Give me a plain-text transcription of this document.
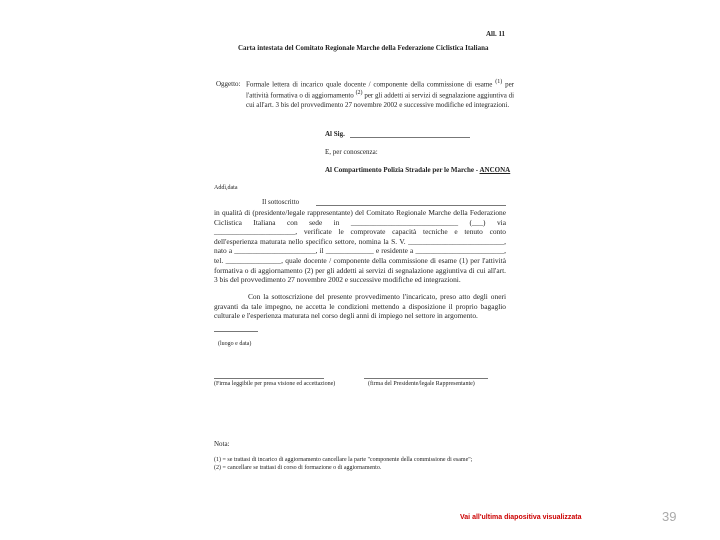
All. 11
Carta intestata del Comitato Regionale Marche della Federazione Ciclistica Italiana
Oggetto: Formale lettera di incarico quale docente / componente della commissione di esame $^{(1)}$ per l'attività formativa o di aggiornamento $^{(2)}$ per gli addetti ai servizi di segnalazione aggiuntiva di cui all'art. 3 bis del provvedimento 27 novembre 2002 e successive modifiche ed integrazioni.
Al Sig.
E, per conoscenza:
Al Compartimento Polizia Stradale per le Marche - ANCONA
Addì,data
Il sottoscritto
in qualità di (presidente/legale rappresentante) del Comitato Regionale Marche della Federazione Ciclistica Italiana con sede in _____________________________ (___) via ______________________, verificate le comprovate capacità tecniche e tenuto conto dell'esperienza maturata nello specifico settore, nomina la S. V. __________________________, nato a ______________________, il _____________ e residente a ________________________, tel. _______________, quale docente / componente della commissione di esame (1) per l'attività formativa o di aggiornamento (2) per gli addetti ai servizi di segnalazione aggiuntiva di cui all'art. 3 bis del provvedimento 27 novembre 2002 e successive modifiche ed integrazioni.
Con la sottoscrizione del presente provvedimento l'incaricato, preso atto degli oneri gravanti da tale impegno, ne accetta le condizioni mettendo a disposizione il proprio bagaglio culturale e l'esperienza maturata nel corso degli anni di impiego nel settore in argomento.
(luogo e data)
(Firma leggibile per presa visione ed accettazione)	(firma del Presidente/legale Rappresentante)
Nota:
(1) = se trattasi di incarico di aggiornamento cancellare la parte "componente della commissione di esame";
(2) = cancellare se trattasi di corso di formazione o di aggiornamento.
Vai all'ultima diapositiva visualizzata	39
